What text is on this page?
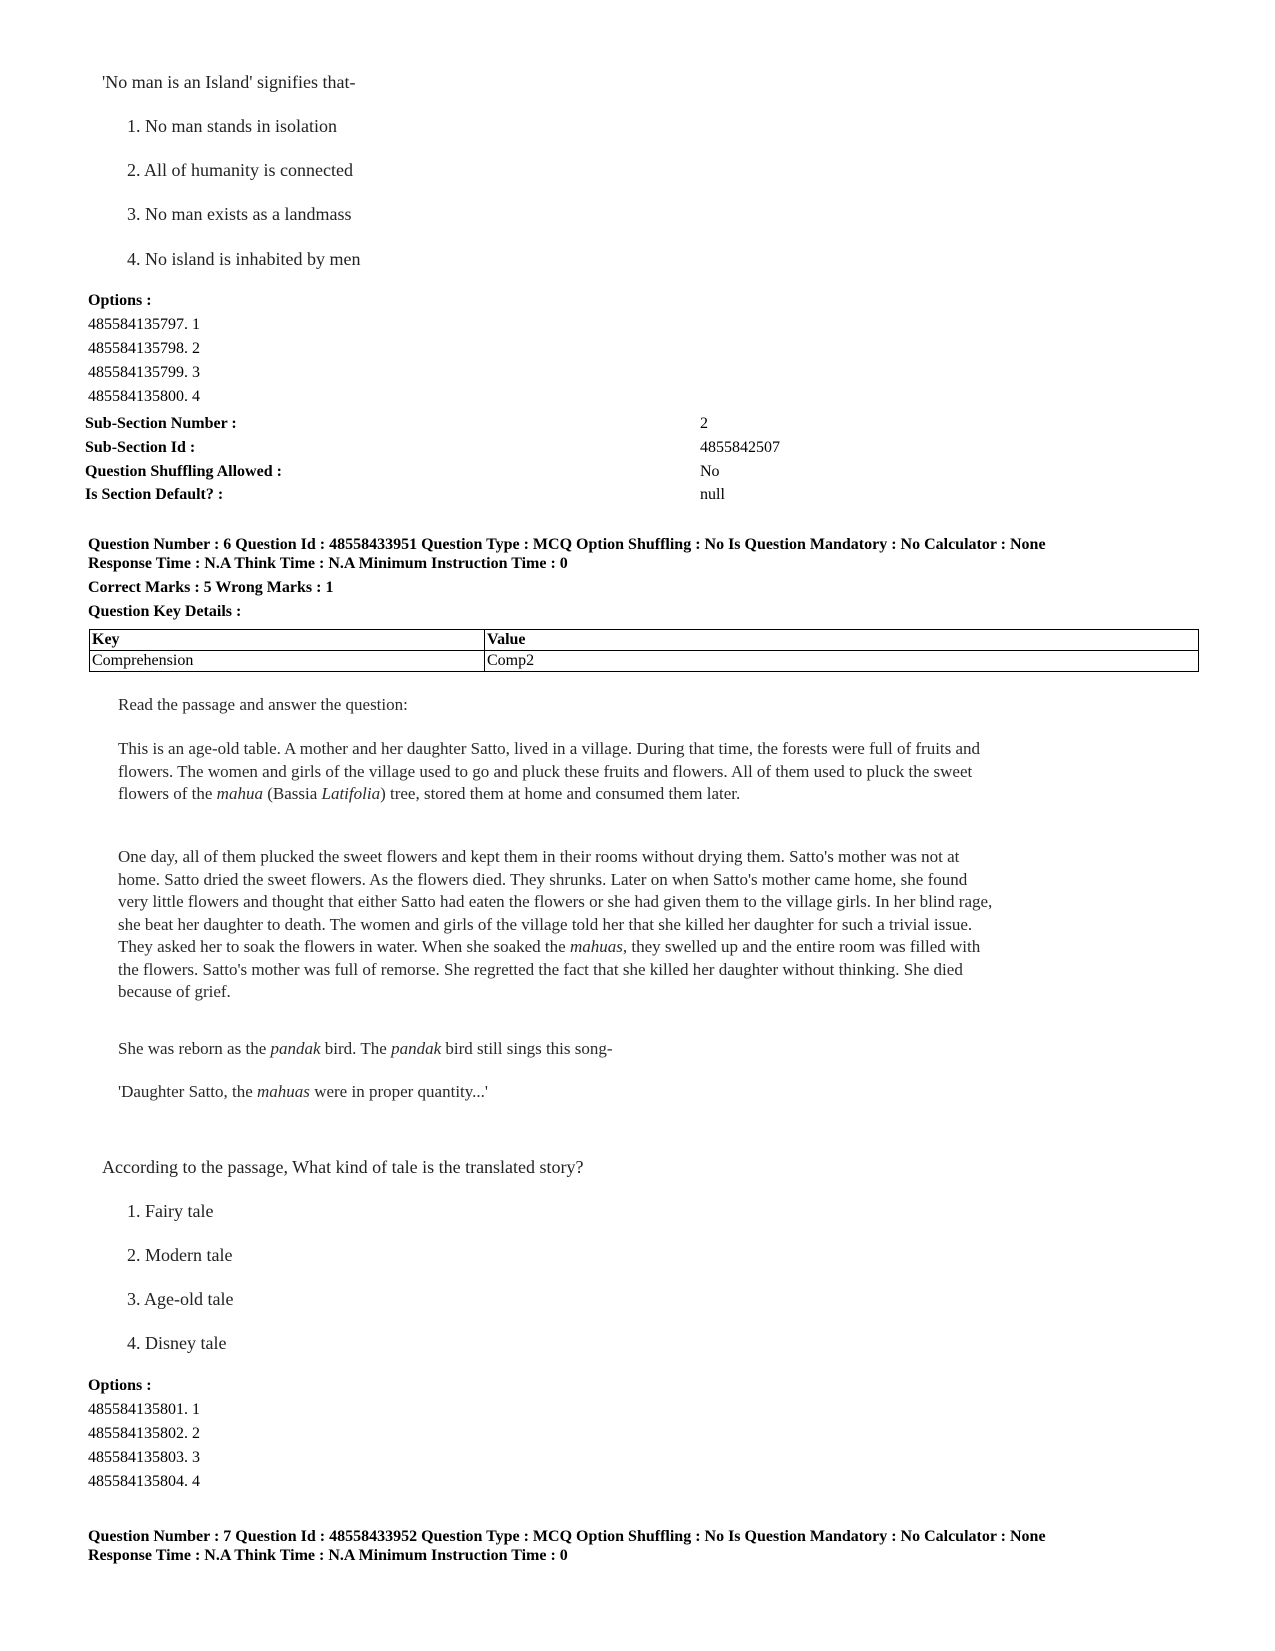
'No man is an Island' signifies that-
1. No man stands in isolation
2. All of humanity is connected
3. No man exists as a landmass
4. No island is inhabited by men
Options :
485584135797. 1
485584135798. 2
485584135799. 3
485584135800. 4
Sub-Section Number :	2
Sub-Section Id :	4855842507
Question Shuffling Allowed :	No
Is Section Default? :	null
Question Number : 6 Question Id : 48558433951 Question Type : MCQ Option Shuffling : No Is Question Mandatory : No Calculator : None
Response Time : N.A Think Time : N.A Minimum Instruction Time : 0
Correct Marks : 5 Wrong Marks : 1
Question Key Details :
Key	Value
Comprehension	Comp2

Read the passage and answer the question:

This is an age-old table. A mother and her daughter Satto, lived in a village. During that time, the forests were full of fruits and flowers. The women and girls of the village used to go and pluck these fruits and flowers. All of them used to pluck the sweet flowers of the mahua (Bassia Latifolia) tree, stored them at home and consumed them later.

One day, all of them plucked the sweet flowers and kept them in their rooms without drying them. Satto's mother was not at home. Satto dried the sweet flowers. As the flowers died. They shrunks. Later on when Satto's mother came home, she found very little flowers and thought that either Satto had eaten the flowers or she had given them to the village girls. In her blind rage, she beat her daughter to death. The women and girls of the village told her that she killed her daughter for such a trivial issue. They asked her to soak the flowers in water. When she soaked the mahuas, they swelled up and the entire room was filled with the flowers. Satto's mother was full of remorse. She regretted the fact that she killed her daughter without thinking. She died because of grief.

She was reborn as the pandak bird. The pandak bird still sings this song-

'Daughter Satto, the mahuas were in proper quantity...'

According to the passage, What kind of tale is the translated story?
1. Fairy tale
2. Modern tale
3. Age-old tale
4. Disney tale
Options :
485584135801. 1
485584135802. 2
485584135803. 3
485584135804. 4
Question Number : 7 Question Id : 48558433952 Question Type : MCQ Option Shuffling : No Is Question Mandatory : No Calculator : None
Response Time : N.A Think Time : N.A Minimum Instruction Time : 0
